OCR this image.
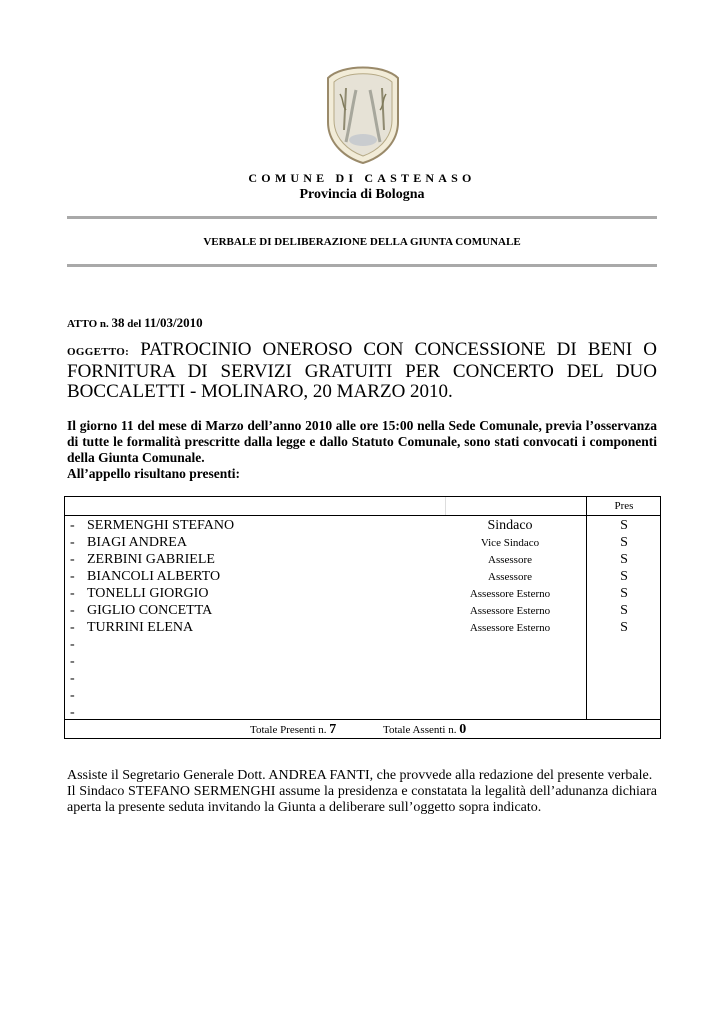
COMUNE DI CASTENASO
Provincia di Bologna
VERBALE DI DELIBERAZIONE DELLA GIUNTA COMUNALE
ATTO n. 38 del 11/03/2010
OGGETTO: PATROCINIO ONEROSO CON CONCESSIONE DI BENI O FORNITURA DI SERVIZI GRATUITI PER CONCERTO DEL DUO BOCCALETTI - MOLINARO, 20 MARZO 2010.
Il giorno 11 del mese di Marzo dell’anno 2010 alle ore 15:00 nella Sede Comunale, previa l’osservanza di tutte le formalità prescritte dalla legge e dallo Statuto Comunale, sono stati convocati i componenti della Giunta Comunale.
All’appello risultano presenti:
Pres
- SERMENGHI STEFANO	Sindaco	S
- BIAGI ANDREA	Vice Sindaco	S
- ZERBINI GABRIELE	Assessore	S
- BIANCOLI ALBERTO	Assessore	S
- TONELLI GIORGIO	Assessore Esterno	S
- GIGLIO CONCETTA	Assessore Esterno	S
- TURRINI ELENA	Assessore Esterno	S
-
-
-
-
-
Totale Presenti n. 7	Totale Assenti n. 0
Assiste il Segretario Generale Dott. ANDREA FANTI, che provvede alla redazione del presente verbale.
Il Sindaco STEFANO SERMENGHI assume la presidenza e constatata la legalità dell’adunanza dichiara aperta la presente seduta invitando la Giunta a deliberare sull’oggetto sopra indicato.
